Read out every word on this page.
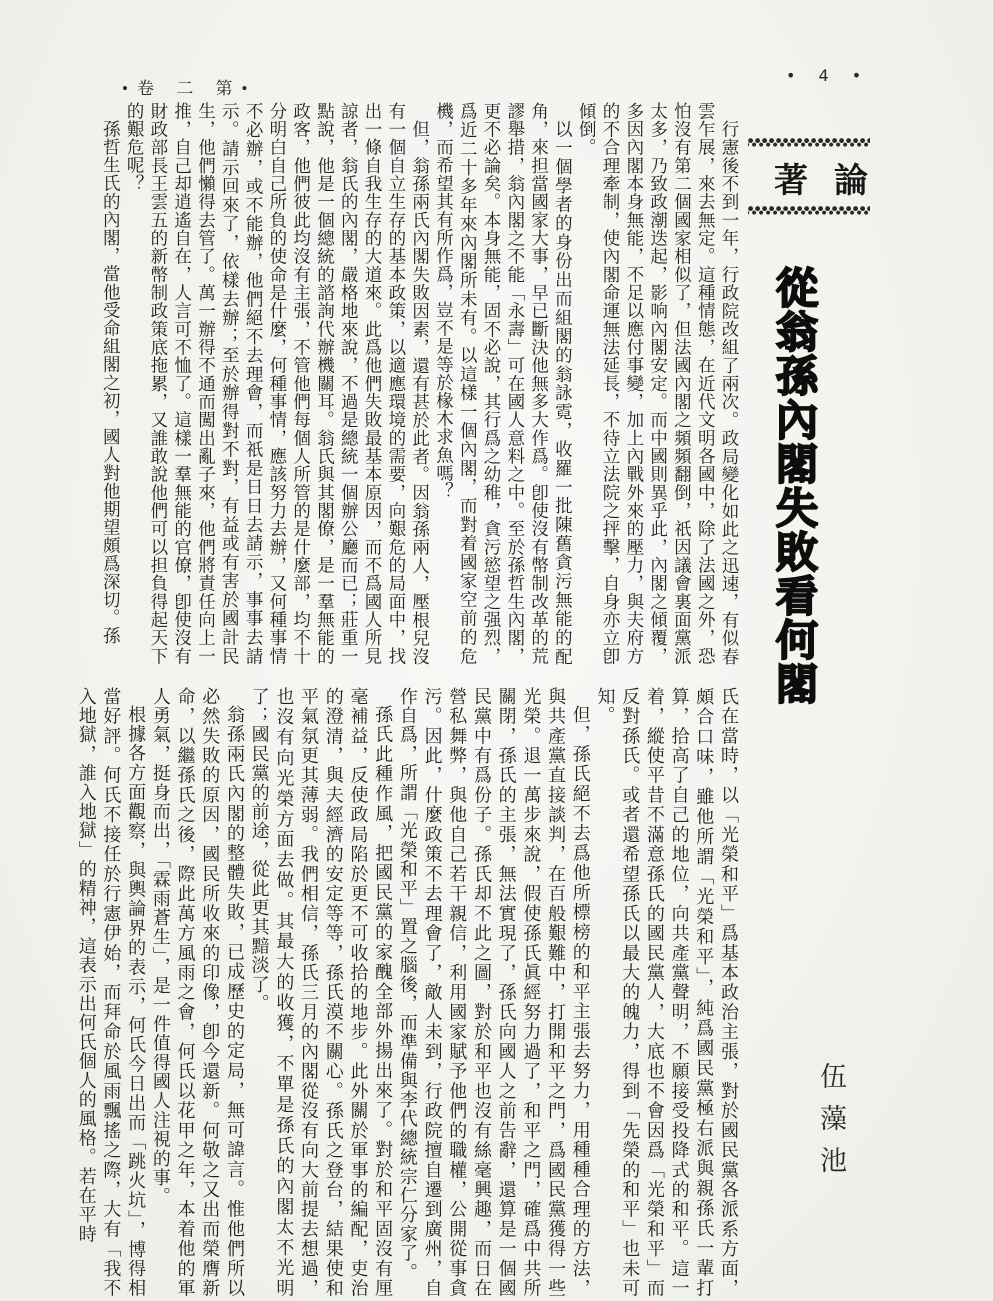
•卷 二 第•
• 4 •
著論
從翁孫內閣失敗看何閣
伍藻池

行憲後不到一年，行政院改組了兩次。政局變化如此之迅速，有似春雲乍展，來去無定。這種情態，在近代文明各國中，除了法國之外，恐怕沒有第二個國家相似了，但法國內閣之頻頻翻倒，祇因議會裏面黨派太多，乃致政潮迭起，影响內閣安定。而中國則異乎此，內閣之傾覆，多因內閣本身無能，不足以應付事變，加上內戰外來的壓力，與夫府方的不合理牽制，使內閣命運無法延長，不待立法院之抨擊，自身亦立卽傾倒。

以一個學者的身份出而組閣的翁詠霓，收羅一批陳舊貪污無能的配角，來担當國家大事，早已斷決他無多大作爲。卽使沒有幣制改革的荒謬舉措，翁內閣之不能「永壽」可在國人意料之中。至於孫哲生內閣，更不必論矣。本身無能，固不必說，其行爲之幼稚，貪污慾望之强烈，爲近二十多年來內閣所未有。以這樣一個內閣，而對着國家空前的危機，而希望其有所作爲，豈不是等於椽木求魚嗎？

但，翁孫兩氏內閣失敗因素，還有甚於此者。因翁孫兩人，壓根兒沒有一個自立生存的基本政策，以適應環境的需要，向艱危的局面中，找出一條自我生存的大道來。此爲他們失敗最基本原因，而不爲國人所見諒者，翁氏的內閣，嚴格地來說，不過是總統一個辦公廳而已；莊重一點說，他是一個總統的諮詢代辦機關耳。翁氏與其閣僚，是一羣無能的政客，他們彼此均沒有主張，不管他們每個人所管的是什麼部，均不十分明白自己所負的使命是什麼，何種事情，應該努力去辦，又何種事情不必辦，或不能辦，他們絕不去理會，而祇是日日去請示，事事去請示。請示回來了，依樣去辦；至於辦得對不對，有益或有害於國計民生，他們懶得去管了。萬一辦得不通而闖出亂子來，他們將責任向上一推，自己却逍遙自在，人言可不恤了。這樣一羣無能的官僚，卽使沒有財政部長王雲五的新幣制政策底拖累，又誰敢說他們可以担負得起天下的艱危呢？

孫哲生氏的內閣，當他受命組閣之初，國人對他期望頗爲深切。孫

氏在當時，以「光榮和平」爲基本政治主張，對於國民黨各派系方面，頗合口味，雖他所謂「光榮和平」，純爲國民黨極右派與親孫氏一輩打算，拾高了自己的地位，向共產黨聲明，不願接受投降式的和平。這一着，縱使平昔不滿意孫氏的國民黨人，大底也不會因爲「光榮和平」而反對孫氏。或者還希望孫氏以最大的魄力，得到「先榮的和平」也未可知。

但，孫氏絕不去爲他所標榜的和平主張去努力，用種種合理的方法，與共產黨直接談判，在百般艱難中，打開和平之門，爲國民黨獲得一些光榮。退一萬步來說，假使孫氏眞經努力過了，和平之門，確爲中共所關閉，孫氏的主張，無法實現了，孫氏向國人之前告辭，還算是一個國民黨中有爲份子。孫氏却不此之圖，對於和平也沒有絲毫興趣，而日在營私舞弊，與他自己若干親信，利用國家賦予他們的職權，公開從事貪污。因此，什麼政策不去理會了，敵人未到，行政院擅自遷到廣州，自作自爲，所謂「光榮和平」置之腦後，而準備與李代總統宗仁分家了。

孫氏此種作風，把國民黨的家醜全部外揚出來了。對於和平固沒有厘毫補益，反使政局陷於更不可收拾的地步。此外關於軍事的編配，吏治的澄清，與夫經濟的安定等等，孫氏漠不關心。孫氏之登台，結果使和平氣氛更其薄弱。我們相信，孫氏三月的內閣從沒有向大前提去想過，也沒有向光榮方面去做。其最大的收獲，不單是孫氏的內閣太不光明了；國民黨的前途，從此更其黯淡了。

翁孫兩氏內閣的整體失敗，已成歷史的定局，無可諱言。惟他們所以必然失敗的原因，國民所收來的印像，卽今還新。何敬之又出而榮膺新命，以繼孫氏之後，際此萬方風雨之會，何氏以花甲之年，本着他的軍人勇氣，挺身而出，「霖雨蒼生」，是一件值得國人注視的事。

根據各方面觀察，與輿論界的表示，何氏今日出而「跳火坑」，博得相當好評。何氏不接任於行憲伊始，而拜命於風雨飄搖之際，大有「我不入地獄，誰入地獄」的精神，這表示出何氏個人的風格。若在平時
